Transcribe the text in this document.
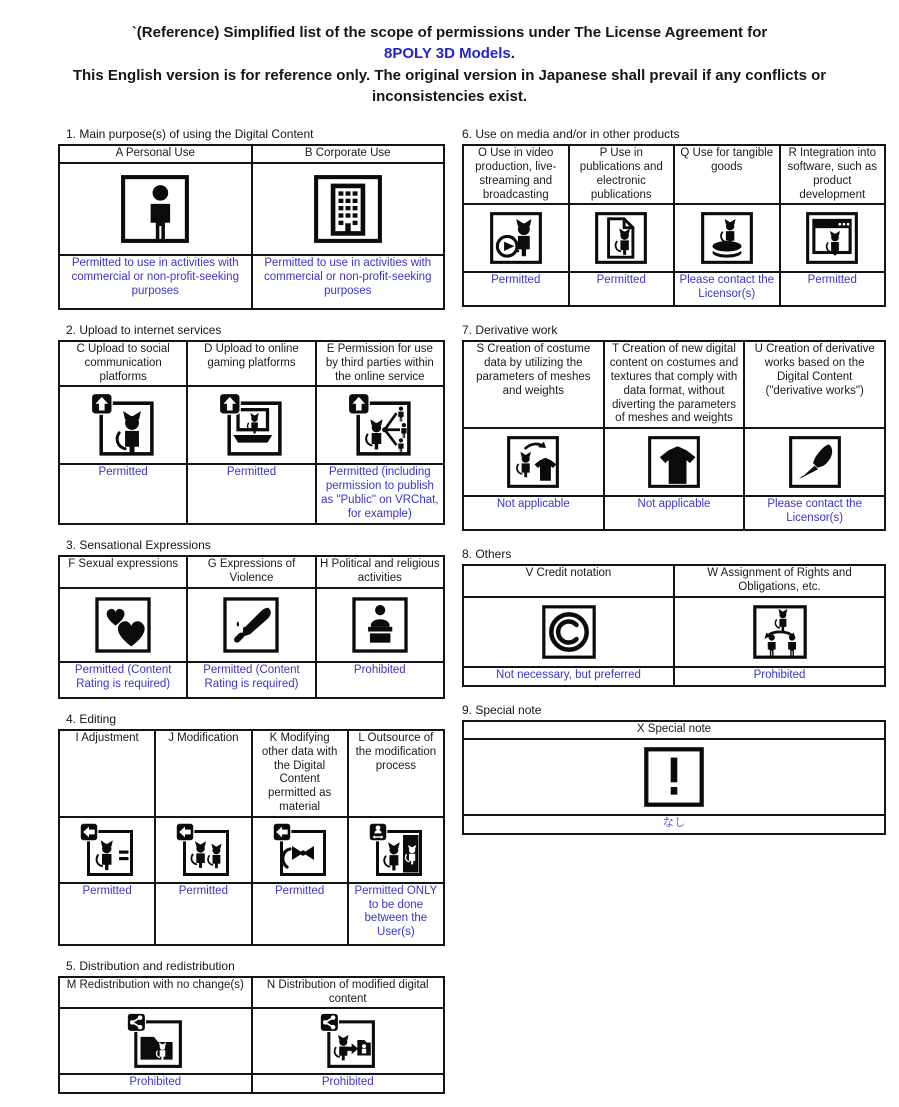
`(Reference) Simplified list of the scope of permissions under The License Agreement for
8POLY 3D Models.
This English version is for reference only. The original version in Japanese shall prevail if any conflicts or inconsistencies exist.
1. Main purpose(s) of using the Digital Content
A Personal Use	B Corporate Use

Permitted to use in activities with commercial or non-profit-seeking purposes	Permitted to use in activities with commercial or non-profit-seeking purposes
2. Upload to internet services
C Upload to social communication platforms	D Upload to online gaming platforms	E Permission for use by third parties within the online service

Permitted	Permitted	Permitted (including permission to publish as "Public" on VRChat, for example)
3. Sensational Expressions
F Sexual expressions	G Expressions of Violence	H Political and religious activities

Permitted (Content Rating is required)	Permitted (Content Rating is required)	Prohibited
4. Editing
I Adjustment	J Modification	K Modifying other data with the Digital Content permitted as material	L Outsource of the modification process

Permitted	Permitted	Permitted	Permitted ONLY to be done between the User(s)
5. Distribution and redistribution
M Redistribution with no change(s)	N Distribution of modified digital content

Prohibited	Prohibited
6. Use on media and/or in other products
O Use in video production, live-streaming and broadcasting	P Use in publications and electronic publications	Q Use for tangible goods	R Integration into software, such as product development

Permitted	Permitted	Please contact the Licensor(s)	Permitted
7. Derivative work
S Creation of costume data by utilizing the parameters of meshes and weights	T Creation of new digital content on costumes and textures that comply with data format, without diverting the parameters of meshes and weights	U Creation of derivative works based on the Digital Content ("derivative works")

Not applicable	Not applicable	Please contact the Licensor(s)
8. Others
V Credit notation	W Assignment of Rights and Obligations, etc.

Not necessary, but preferred	Prohibited
9. Special note
X Special note

なし
